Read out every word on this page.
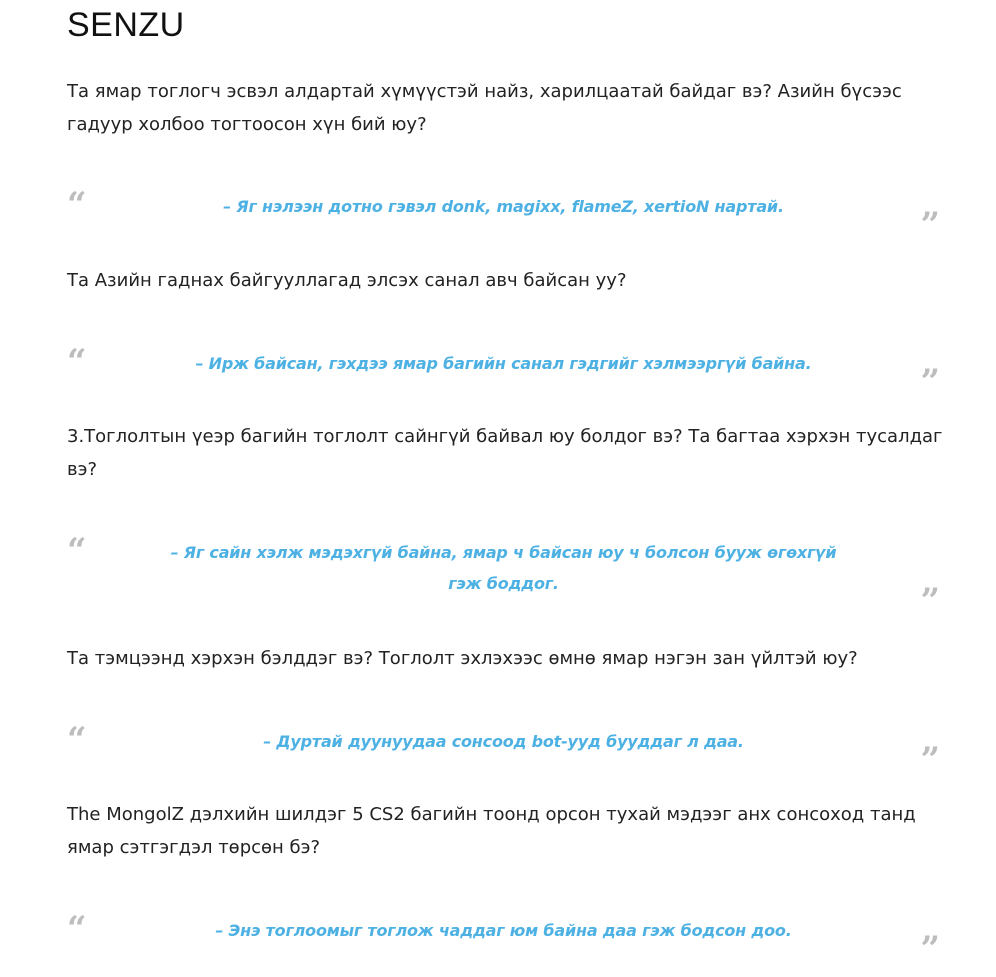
SENZU

Та ямар тоглогч эсвэл алдартай хүмүүстэй найз, харилцаатай байдаг вэ? Азийн бүсээс гадуур холбоо тогтоосон хүн бий юу?

“	– Яг нэлээн дотно гэвэл donk, magixx, flameZ, xertioN нартай.	”

Та Азийн гаднах байгууллагад элсэх санал авч байсан уу?

“	– Ирж байсан, гэхдээ ямар багийн санал гэдгийг хэлмээргүй байна.	”

3.Тоглолтын үеэр багийн тоглолт сайнгүй байвал юу болдог вэ? Та багтаа хэрхэн тусалдаг вэ?

“	– Яг сайн хэлж мэдэхгүй байна, ямар ч байсан юу ч болсон бууж өгөхгүй гэж боддог.	”

Та тэмцээнд хэрхэн бэлддэг вэ? Тоглолт эхлэхээс өмнө ямар нэгэн зан үйлтэй юу?

“	– Дуртай дуунуудаа сонсоод bot-ууд бууддаг л даа.	”

The MongolZ дэлхийн шилдэг 5 CS2 багийн тоонд орсон тухай мэдээг анх сонсоход танд ямар сэтгэгдэл төрсөн бэ?

“	– Энэ тоглоомыг тоглож чаддаг юм байна даа гэж бодсон доо.	”
